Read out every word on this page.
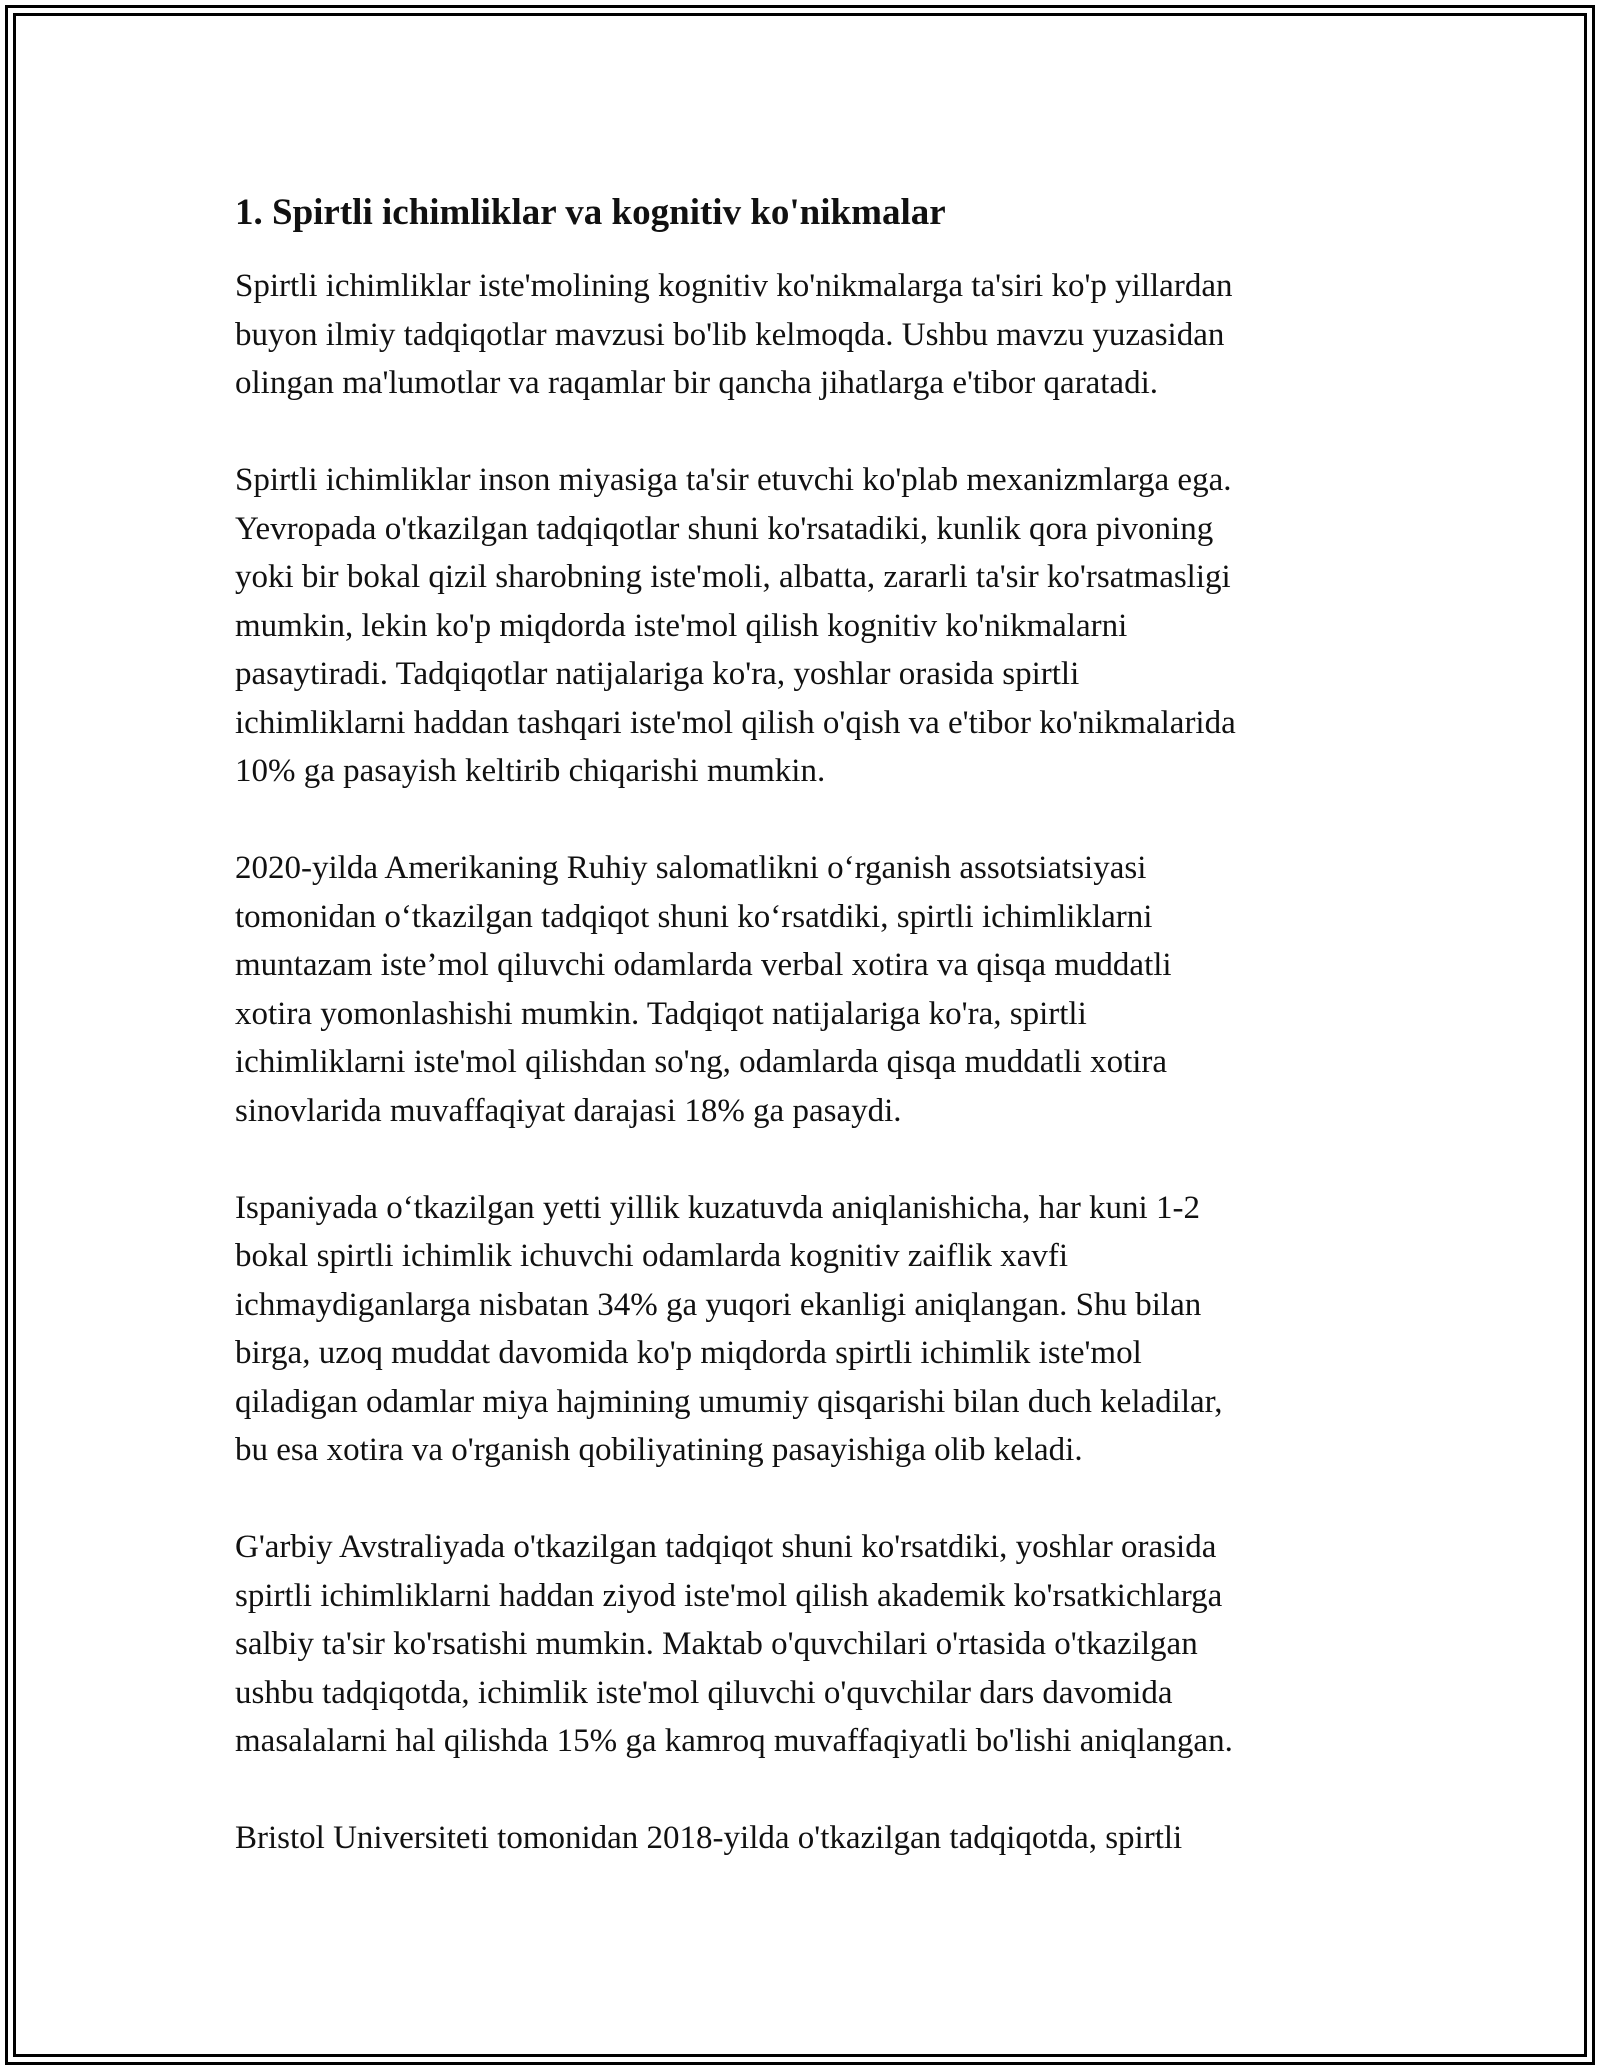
1. Spirtli ichimliklar va kognitiv ko'nikmalar

Spirtli ichimliklar iste'molining kognitiv ko'nikmalarga ta'siri ko'p yillardan
buyon ilmiy tadqiqotlar mavzusi bo'lib kelmoqda. Ushbu mavzu yuzasidan
olingan ma'lumotlar va raqamlar bir qancha jihatlarga e'tibor qaratadi.

Spirtli ichimliklar inson miyasiga ta'sir etuvchi ko'plab mexanizmlarga ega.
Yevropada o'tkazilgan tadqiqotlar shuni ko'rsatadiki, kunlik qora pivoning
yoki bir bokal qizil sharobning iste'moli, albatta, zararli ta'sir ko'rsatmasligi
mumkin, lekin ko'p miqdorda iste'mol qilish kognitiv ko'nikmalarni
pasaytiradi. Tadqiqotlar natijalariga ko'ra, yoshlar orasida spirtli
ichimliklarni haddan tashqari iste'mol qilish o'qish va e'tibor ko'nikmalarida
10% ga pasayish keltirib chiqarishi mumkin.

2020-yilda Amerikaning Ruhiy salomatlikni o‘rganish assotsiatsiyasi
tomonidan o‘tkazilgan tadqiqot shuni ko‘rsatdiki, spirtli ichimliklarni
muntazam iste’mol qiluvchi odamlarda verbal xotira va qisqa muddatli
xotira yomonlashishi mumkin. Tadqiqot natijalariga ko'ra, spirtli
ichimliklarni iste'mol qilishdan so'ng, odamlarda qisqa muddatli xotira
sinovlarida muvaffaqiyat darajasi 18% ga pasaydi.

Ispaniyada o‘tkazilgan yetti yillik kuzatuvda aniqlanishicha, har kuni 1-2
bokal spirtli ichimlik ichuvchi odamlarda kognitiv zaiflik xavfi
ichmaydiganlarga nisbatan 34% ga yuqori ekanligi aniqlangan. Shu bilan
birga, uzoq muddat davomida ko'p miqdorda spirtli ichimlik iste'mol
qiladigan odamlar miya hajmining umumiy qisqarishi bilan duch keladilar,
bu esa xotira va o'rganish qobiliyatining pasayishiga olib keladi.

G'arbiy Avstraliyada o'tkazilgan tadqiqot shuni ko'rsatdiki, yoshlar orasida
spirtli ichimliklarni haddan ziyod iste'mol qilish akademik ko'rsatkichlarga
salbiy ta'sir ko'rsatishi mumkin. Maktab o'quvchilari o'rtasida o'tkazilgan
ushbu tadqiqotda, ichimlik iste'mol qiluvchi o'quvchilar dars davomida
masalalarni hal qilishda 15% ga kamroq muvaffaqiyatli bo'lishi aniqlangan.

Bristol Universiteti tomonidan 2018-yilda o'tkazilgan tadqiqotda, spirtli
